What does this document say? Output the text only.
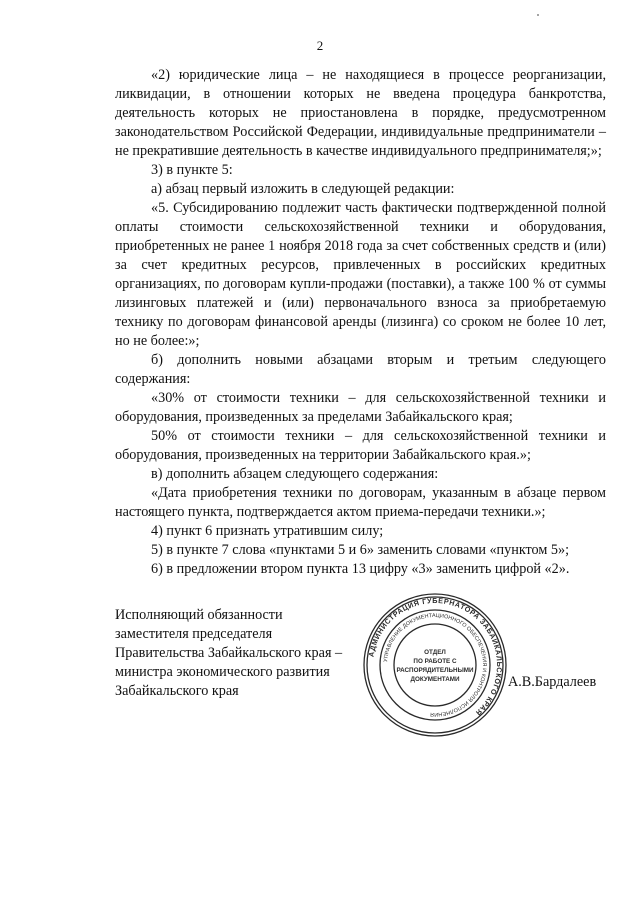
2

«2) юридические лица – не находящиеся в процессе реорганизации, ликвидации, в отношении которых не введена процедура банкротства, деятельность которых не приостановлена в порядке, предусмотренном законодательством Российской Федерации, индивидуальные предприниматели – не прекратившие деятельность в качестве индивидуального предпринимателя;»;

3) в пункте 5:

а) абзац первый изложить в следующей редакции:

«5. Субсидированию подлежит часть фактически подтвержденной полной оплаты стоимости сельскохозяйственной техники и оборудования, приобретенных не ранее 1 ноября 2018 года за счет собственных средств и (или) за счет кредитных ресурсов, привлеченных в российских кредитных организациях, по договорам купли-продажи (поставки), а также 100 % от суммы лизинговых платежей и (или) первоначального взноса за приобретаемую технику по договорам финансовой аренды (лизинга) со сроком не более 10 лет, но не более:»;

б) дополнить новыми абзацами вторым и третьим следующего содержания:

«30% от стоимости техники – для сельскохозяйственной техники и оборудования, произведенных за пределами Забайкальского края;

50% от стоимости техники – для сельскохозяйственной техники и оборудования, произведенных на территории Забайкальского края.»;

в) дополнить абзацем следующего содержания:

«Дата приобретения техники по договорам, указанным в абзаце первом настоящего пункта, подтверждается актом приема-передачи техники.»;

4) пункт 6 признать утратившим силу;

5) в пункте 7 слова «пунктами 5 и 6» заменить словами «пунктом 5»;

6) в предложении втором пункта 13 цифру «3» заменить цифрой «2».

Исполняющий обязанности
заместителя председателя
Правительства Забайкальского края –
министра экономического развития
Забайкальского края
АДМИНИСТРАЦИЯ ГУБЕРНАТОРА ЗАБАЙКАЛЬСКОГО КРАЯ
УПРАВЛЕНИЕ ДОКУМЕНТАЦИОННОГО ОБЕСПЕЧЕНИЯ И КОНТРОЛЯ ИСПОЛНЕНИЯ
ОТДЕЛ
ПО РАБОТЕ С
РАСПОРЯДИТЕЛЬНЫМИ
ДОКУМЕНТАМИ	А.В.Бардалеев
